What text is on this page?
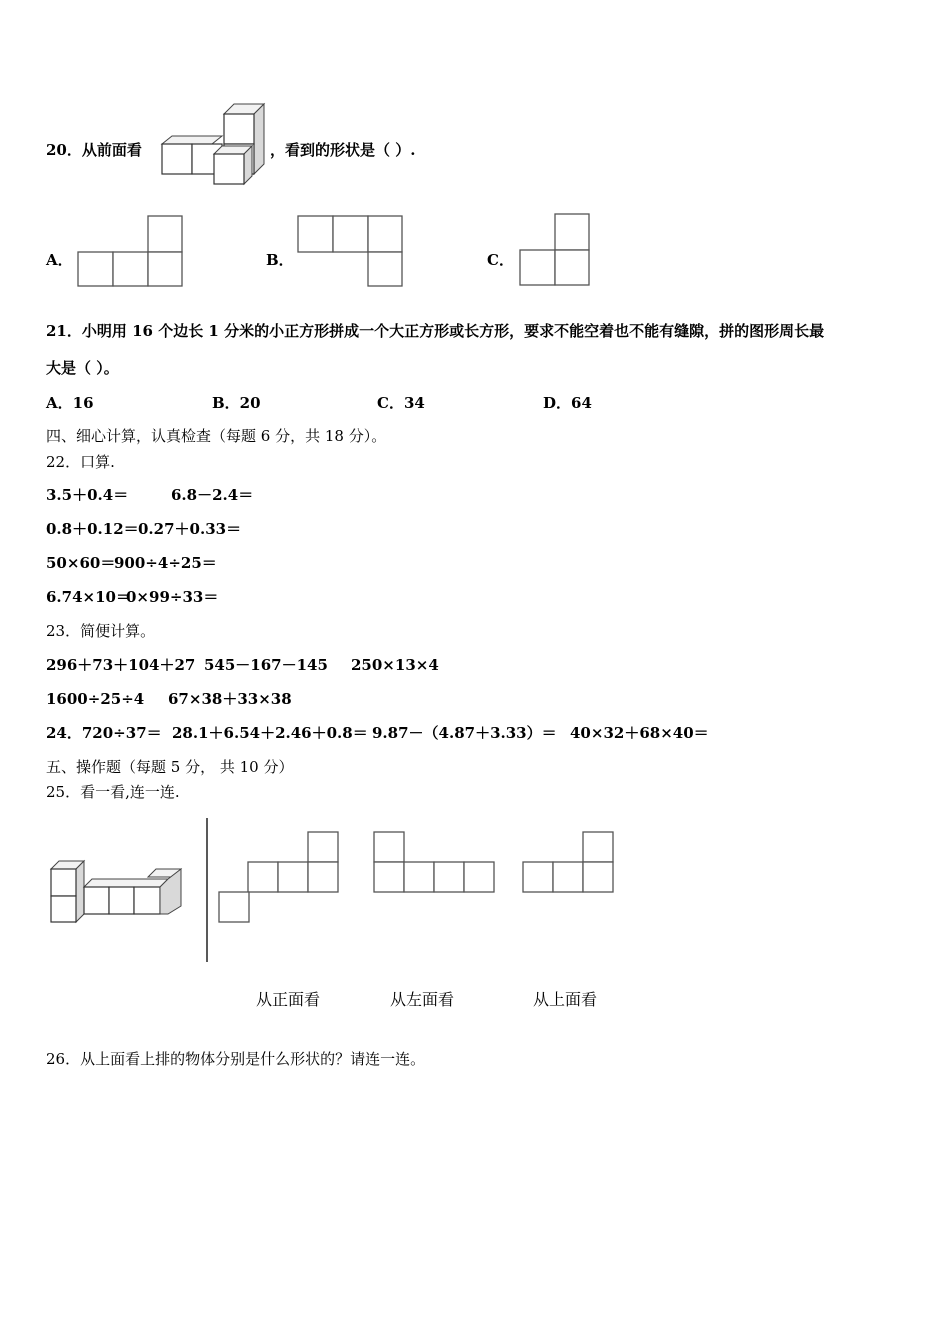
20．从前面看	，看到的形状是（ ）.
A．	B．	C．
21．小明用 16 个边长 1 分米的小正方形拼成一个大正方形或长方形，要求不能空着也不能有缝隙，拼的图形周长最
大是（ ）。
A．16	B．20	C．34	D．64
四、细心计算，认真检查（每题 6 分，共 18 分）。
22．口算.
3.5＋0.4＝	6.8－2.4＝
0.8＋0.12＝ 0.27＋0.33＝
50×60＝
900÷4÷25＝
6.74×10＝
0×99÷33＝
23．简便计算。
296＋73＋104＋27 545－167－145 250×13×4
1600÷25÷4 67×38＋33×38
24．720÷37＝ 28.1＋6.54＋2.46＋0.8＝ 9.87－（4.87＋3.33）＝ 40×32＋68×40＝
五、操作题（每题 5 分， 共 10 分）
25．看一看,连一连.
从正面看	从左面看	从上面看
26．从上面看上排的物体分别是什么形状的？请连一连。
